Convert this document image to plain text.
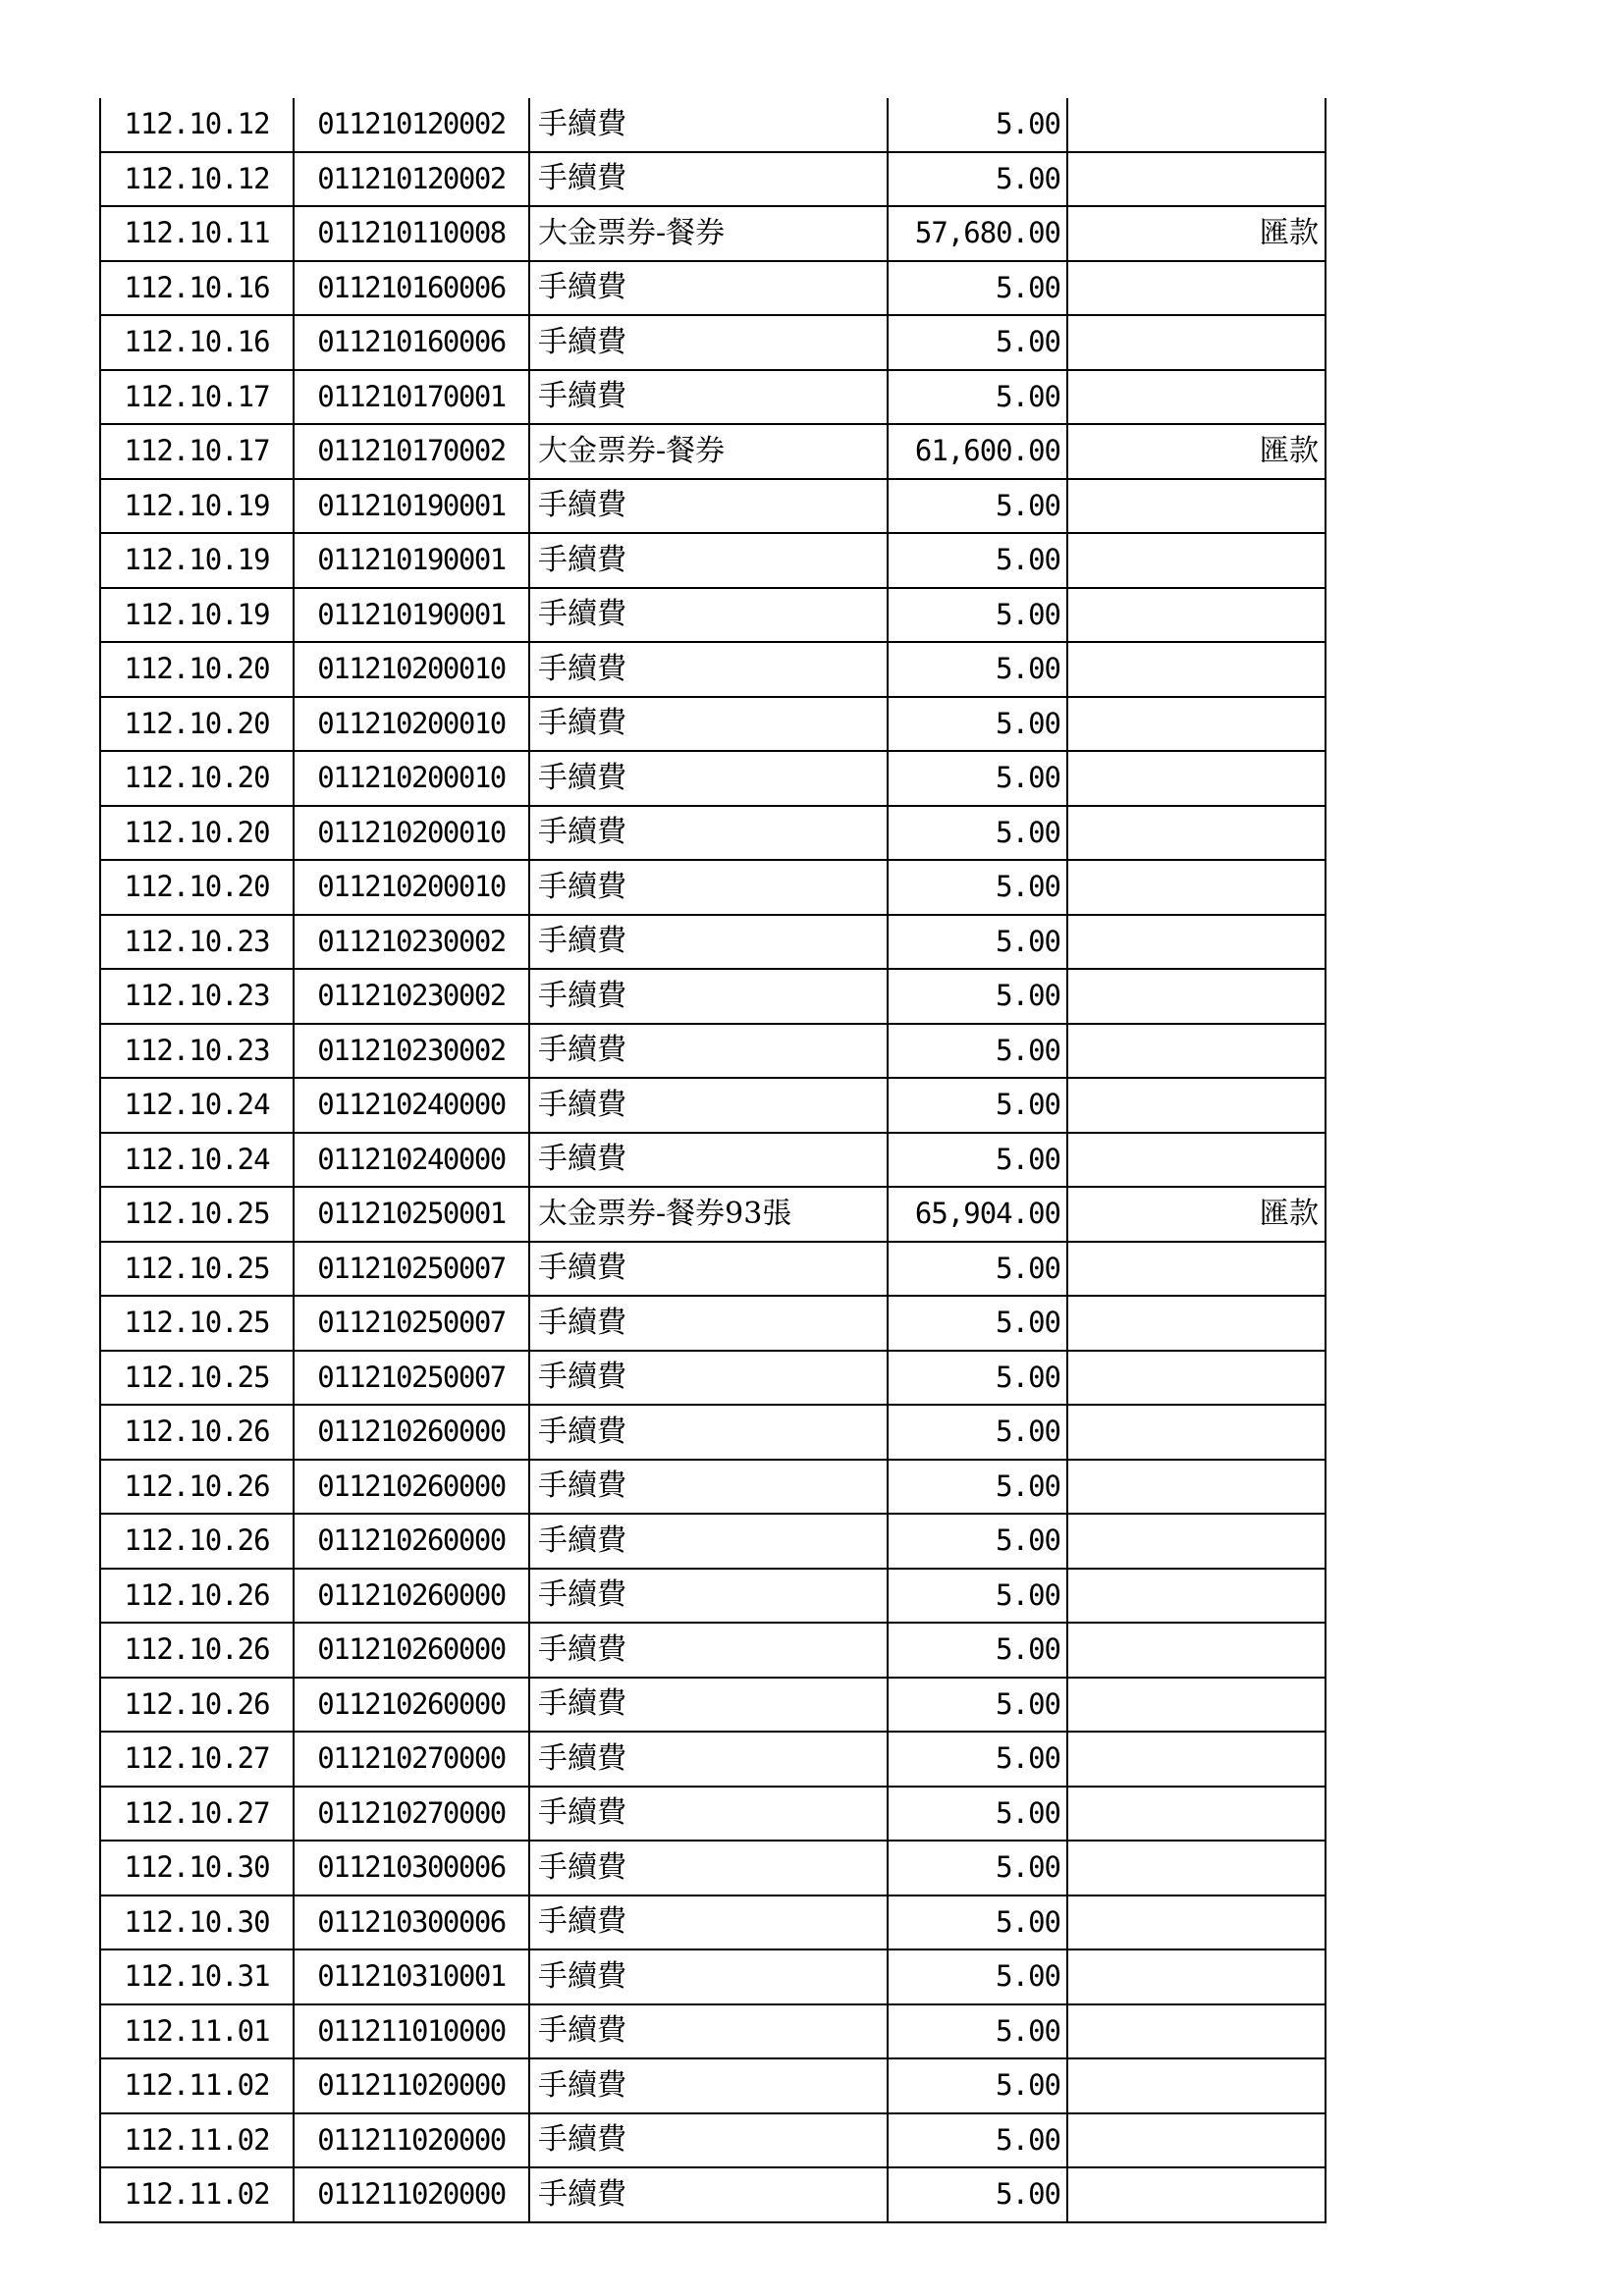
112.10.12	011210120002	手續費	5.00	
112.10.12	011210120002	手續費	5.00	
112.10.11	011210110008	大金票券-餐券	57,680.00	匯款
112.10.16	011210160006	手續費	5.00	
112.10.16	011210160006	手續費	5.00	
112.10.17	011210170001	手續費	5.00	
112.10.17	011210170002	大金票券-餐券	61,600.00	匯款
112.10.19	011210190001	手續費	5.00	
112.10.19	011210190001	手續費	5.00	
112.10.19	011210190001	手續費	5.00	
112.10.20	011210200010	手續費	5.00	
112.10.20	011210200010	手續費	5.00	
112.10.20	011210200010	手續費	5.00	
112.10.20	011210200010	手續費	5.00	
112.10.20	011210200010	手續費	5.00	
112.10.23	011210230002	手續費	5.00	
112.10.23	011210230002	手續費	5.00	
112.10.23	011210230002	手續費	5.00	
112.10.24	011210240000	手續費	5.00	
112.10.24	011210240000	手續費	5.00	
112.10.25	011210250001	太金票券-餐券93張	65,904.00	匯款
112.10.25	011210250007	手續費	5.00	
112.10.25	011210250007	手續費	5.00	
112.10.25	011210250007	手續費	5.00	
112.10.26	011210260000	手續費	5.00	
112.10.26	011210260000	手續費	5.00	
112.10.26	011210260000	手續費	5.00	
112.10.26	011210260000	手續費	5.00	
112.10.26	011210260000	手續費	5.00	
112.10.26	011210260000	手續費	5.00	
112.10.27	011210270000	手續費	5.00	
112.10.27	011210270000	手續費	5.00	
112.10.30	011210300006	手續費	5.00	
112.10.30	011210300006	手續費	5.00	
112.10.31	011210310001	手續費	5.00	
112.11.01	011211010000	手續費	5.00	
112.11.02	011211020000	手續費	5.00	
112.11.02	011211020000	手續費	5.00	
112.11.02	011211020000	手續費	5.00	
